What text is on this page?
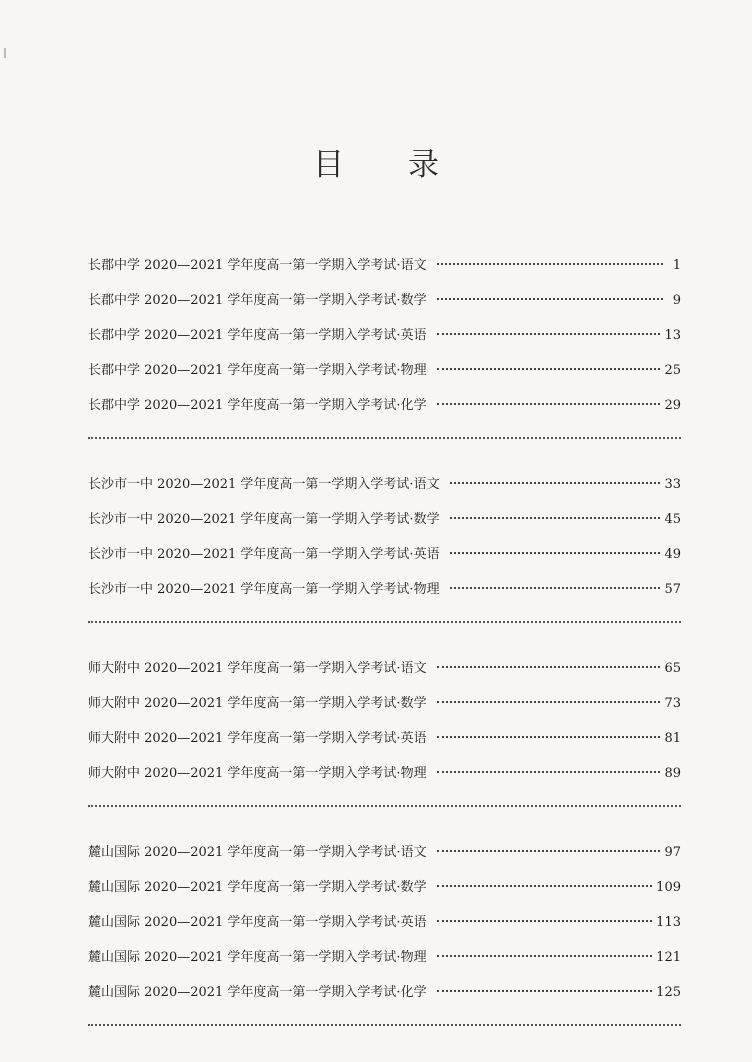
目 录
长郡中学 2020—2021 学年度高一第一学期入学考试·语文	1
长郡中学 2020—2021 学年度高一第一学期入学考试·数学	9
长郡中学 2020—2021 学年度高一第一学期入学考试·英语	13
长郡中学 2020—2021 学年度高一第一学期入学考试·物理	25
长郡中学 2020—2021 学年度高一第一学期入学考试·化学	29
长沙市一中 2020—2021 学年度高一第一学期入学考试·语文	33
长沙市一中 2020—2021 学年度高一第一学期入学考试·数学	45
长沙市一中 2020—2021 学年度高一第一学期入学考试·英语	49
长沙市一中 2020—2021 学年度高一第一学期入学考试·物理	57
师大附中 2020—2021 学年度高一第一学期入学考试·语文	65
师大附中 2020—2021 学年度高一第一学期入学考试·数学	73
师大附中 2020—2021 学年度高一第一学期入学考试·英语	81
师大附中 2020—2021 学年度高一第一学期入学考试·物理	89
麓山国际 2020—2021 学年度高一第一学期入学考试·语文	97
麓山国际 2020—2021 学年度高一第一学期入学考试·数学	109
麓山国际 2020—2021 学年度高一第一学期入学考试·英语	113
麓山国际 2020—2021 学年度高一第一学期入学考试·物理	121
麓山国际 2020—2021 学年度高一第一学期入学考试·化学	125
